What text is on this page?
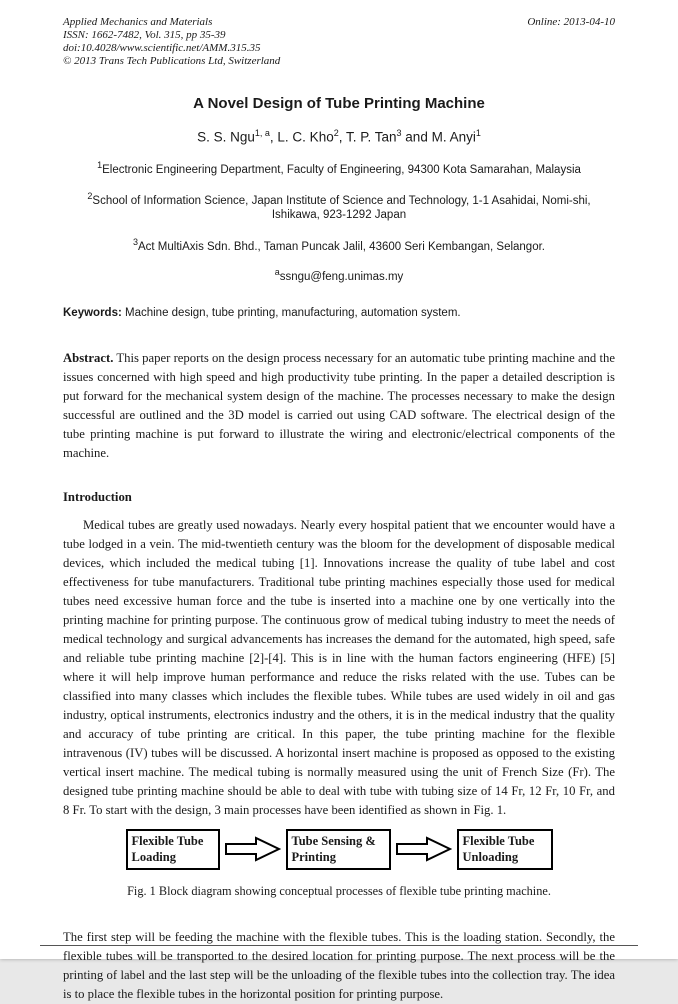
Applied Mechanics and Materials
ISSN: 1662-7482, Vol. 315, pp 35-39
doi:10.4028/www.scientific.net/AMM.315.35
© 2013 Trans Tech Publications Ltd, Switzerland
Online: 2013-04-10
A Novel Design of Tube Printing Machine
S. S. Ngu$^{1, a}$, L. C. Kho$^2$, T. P. Tan$^3$ and M. Anyi$^1$
$^1$Electronic Engineering Department, Faculty of Engineering, 94300 Kota Samarahan, Malaysia
$^2$School of Information Science, Japan Institute of Science and Technology, 1-1 Asahidai, Nomi-shi, Ishikawa, 923-1292 Japan
$^3$Act MultiAxis Sdn. Bhd., Taman Puncak Jalil, 43600 Seri Kembangan, Selangor.
$^a$ssngu@feng.unimas.my
Keywords: Machine design, tube printing, manufacturing, automation system.
Abstract. This paper reports on the design process necessary for an automatic tube printing machine and the issues concerned with high speed and high productivity tube printing. In the paper a detailed description is put forward for the mechanical system design of the machine. The processes necessary to make the design successful are outlined and the 3D model is carried out using CAD software. The electrical design of the tube printing machine is put forward to illustrate the wiring and electronic/electrical components of the machine.
Introduction
Medical tubes are greatly used nowadays. Nearly every hospital patient that we encounter would have a tube lodged in a vein. The mid-twentieth century was the bloom for the development of disposable medical devices, which included the medical tubing [1]. Innovations increase the quality of tube label and cost effectiveness for tube manufacturers. Traditional tube printing machines especially those used for medical tubes need excessive human force and the tube is inserted into a machine one by one vertically into the printing machine for printing purpose. The continuous grow of medical tubing industry to meet the needs of medical technology and surgical advancements has increases the demand for the automated, high speed, safe and reliable tube printing machine [2]-[4]. This is in line with the human factors engineering (HFE) [5] where it will help improve human performance and reduce the risks related with the use. Tubes can be classified into many classes which includes the flexible tubes. While tubes are used widely in oil and gas industry, optical instruments, electronics industry and the others, it is in the medical industry that the quality and accuracy of tube printing are critical. In this paper, the tube printing machine for the flexible intravenous (IV) tubes will be discussed. A horizontal insert machine is proposed as opposed to the existing vertical insert machine. The medical tubing is normally measured using the unit of French Size (Fr). The designed tube printing machine should be able to deal with tube with tubing size of 14 Fr, 12 Fr, 10 Fr, and 8 Fr. To start with the design, 3 main processes have been identified as shown in Fig. 1.
Flexible Tube Loading
Tube Sensing & Printing
Flexible Tube Unloading
Fig. 1 Block diagram showing conceptual processes of flexible tube printing machine.
The first step will be feeding the machine with the flexible tubes. This is the loading station. Secondly, the flexible tubes will be transported to the desired location for printing purpose. The next process will be the printing of label and the last step will be the unloading of the flexible tubes into the collection tray. The idea is to place the flexible tubes in the horizontal position for printing purpose.
